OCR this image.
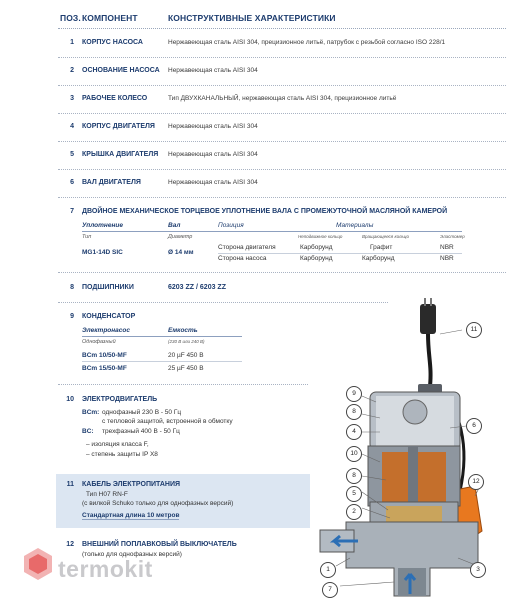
ПОЗ. КОМПОНЕНТ	КОНСТРУКТИВНЫЕ ХАРАКТЕРИСТИКИ
1 КОРПУС НАСОСА	Нержавеющая сталь AISI 304, прецизионное литьё, патрубок с резьбой согласно ISO 228/1
2 ОСНОВАНИЕ НАСОСА Нержавеющая сталь AISI 304
3 РАБОЧЕЕ КОЛЕСО	Тип ДВУХКАНАЛЬНЫЙ, нержавеющая сталь AISI 304, прецизионное литьё
4 КОРПУС ДВИГАТЕЛЯ Нержавеющая сталь AISI 304
5 КРЫШКА ДВИГАТЕЛЯ Нержавеющая сталь AISI 304
6 ВАЛ ДВИГАТЕЛЯ	Нержавеющая сталь AISI 304
7 ДВОЙНОЕ МЕХАНИЧЕСКОЕ ТОРЦЕВОЕ УПЛОТНЕНИЕ ВАЛА С ПРОМЕЖУТОЧНОЙ МАСЛЯНОЙ КАМЕРОЙ
Уплотнение	Вал	Позиция	Материалы
Тип	Диаметр	Неподвижное кольцо	Вращающееся кольцо	Эластомер
MG1-14D SIC	Ø 14 мм
Сторона двигателя	Карборунд	Графит	NBR
Сторона насоса	Карборунд	Карборунд	NBR
8 ПОДШИПНИКИ	6203 ZZ / 6203 ZZ
9 КОНДЕНСАТОР
Электронасос	Емкость
Однофазный	(230 В или 240 В)
BCm 10/50-MF	20 µF 450 В
BCm 15/50-MF	25 µF 450 В
10 ЭЛЕКТРОДВИГАТЕЛЬ
BCm: однофазный 230 В - 50 Гц
с тепловой защитой, встроенной в обмотку
BC: трехфазный 400 В - 50 Гц
– изоляция класса F,
– степень защиты IP X8
11 КАБЕЛЬ ЭЛЕКТРОПИТАНИЯ
Тип H07 RN-F
(с вилкой Schuko только для однофазных версий)
Стандартная длина 10 метров
12 ВНЕШНИЙ ПОПЛАВКОВЫЙ ВЫКЛЮЧАТЕЛЬ
(только для однофазных версий)
11
9
8
4
6
10
8
5
2
12
1
7
3
termokit
